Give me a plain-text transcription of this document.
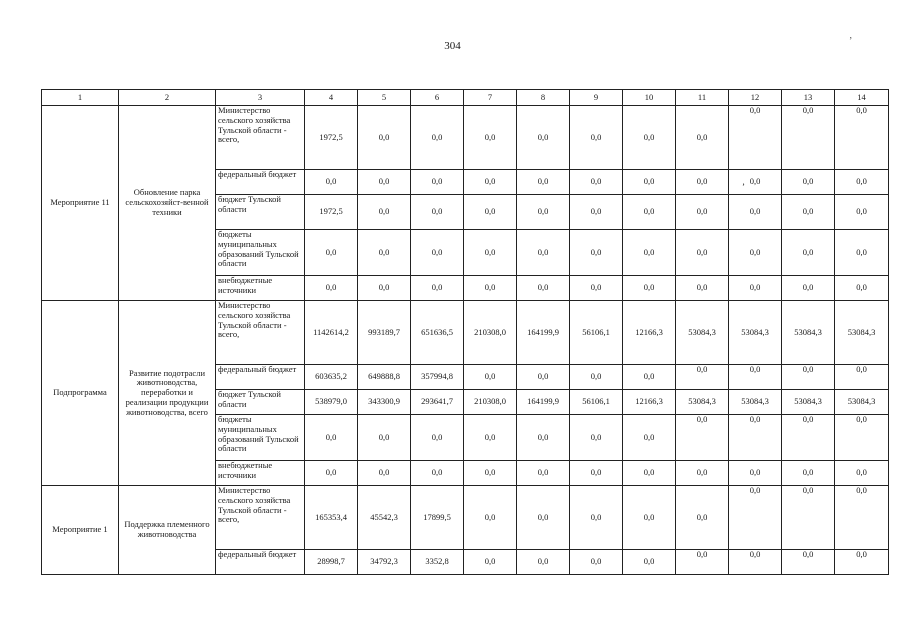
304	’
1	2	3	4	5	6	7	8	9	10	11	12	13	14
Мероприятие 11	Обновление парка сельскохозяйст-венной техники	Министерство сельского хозяйства Тульской области - всего,	1972,5	0,0	0,0	0,0	0,0	0,0	0,0	0,0	0,0	0,0	0,0
		федеральный бюджет	0,0	0,0	0,0	0,0	0,0	0,0	0,0	0,0	0,0	0,0	0,0
		бюджет Тульской области	1972,5	0,0	0,0	0,0	0,0	0,0	0,0	0,0	0,0	0,0	0,0
		бюджеты муниципальных образований Тульской области	0,0	0,0	0,0	0,0	0,0	0,0	0,0	0,0	0,0	0,0	0,0
		внебюджетные источники	0,0	0,0	0,0	0,0	0,0	0,0	0,0	0,0	0,0	0,0	0,0
Подпрограмма	Развитие подотрасли животноводства, переработки и реализации продукции животноводства, всего	Министерство сельского хозяйства Тульской области - всего,	1142614,2	993189,7	651636,5	210308,0	164199,9	56106,1	12166,3	53084,3	53084,3	53084,3	53084,3
		федеральный бюджет	603635,2	649888,8	357994,8	0,0	0,0	0,0	0,0	0,0	0,0	0,0	0,0
		бюджет Тульской области	538979,0	343300,9	293641,7	210308,0	164199,9	56106,1	12166,3	53084,3	53084,3	53084,3	53084,3
		бюджеты муниципальных образований Тульской области	0,0	0,0	0,0	0,0	0,0	0,0	0,0	0,0	0,0	0,0	0,0
		внебюджетные источники	0,0	0,0	0,0	0,0	0,0	0,0	0,0	0,0	0,0	0,0	0,0
Мероприятие 1	Поддержка племенного животноводства	Министерство сельского хозяйства Тульской области - всего,	165353,4	45542,3	17899,5	0,0	0,0	0,0	0,0	0,0	0,0	0,0	0,0
		федеральный бюджет	28998,7	34792,3	3352,8	0,0	0,0	0,0	0,0	0,0	0,0	0,0	0,0
’
